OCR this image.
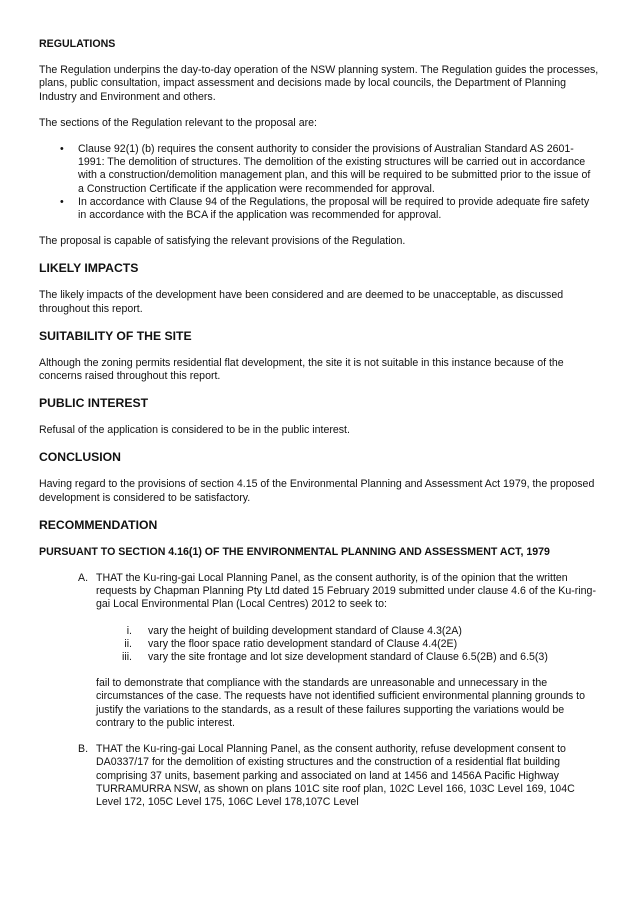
REGULATIONS

The Regulation underpins the day-to-day operation of the NSW planning system. The Regulation guides the processes, plans, public consultation, impact assessment and decisions made by local councils, the Department of Planning Industry and Environment and others.

The sections of the Regulation relevant to the proposal are:

• Clause 92(1) (b) requires the consent authority to consider the provisions of Australian Standard AS 2601-1991: The demolition of structures. The demolition of the existing structures will be carried out in accordance with a construction/demolition management plan, and this will be required to be submitted prior to the issue of a Construction Certificate if the application were recommended for approval.
• In accordance with Clause 94 of the Regulations, the proposal will be required to provide adequate fire safety in accordance with the BCA if the application was recommended for approval.

The proposal is capable of satisfying the relevant provisions of the Regulation.

LIKELY IMPACTS

The likely impacts of the development have been considered and are deemed to be unacceptable, as discussed throughout this report.

SUITABILITY OF THE SITE

Although the zoning permits residential flat development, the site it is not suitable in this instance because of the concerns raised throughout this report.

PUBLIC INTEREST

Refusal of the application is considered to be in the public interest.

CONCLUSION

Having regard to the provisions of section 4.15 of the Environmental Planning and Assessment Act 1979, the proposed development is considered to be satisfactory.

RECOMMENDATION
PURSUANT TO SECTION 4.16(1) OF THE ENVIRONMENTAL PLANNING AND ASSESSMENT ACT, 1979
A. THAT the Ku-ring-gai Local Planning Panel, as the consent authority, is of the opinion that the written requests by Chapman Planning Pty Ltd dated 15 February 2019 submitted under clause 4.6 of the Ku-ring-gai Local Environmental Plan (Local Centres) 2012 to seek to:

i. vary the height of building development standard of Clause 4.3(2A)
ii. vary the floor space ratio development standard of Clause 4.4(2E)
iii. vary the site frontage and lot size development standard of Clause 6.5(2B) and 6.5(3)

fail to demonstrate that compliance with the standards are unreasonable and unnecessary in the circumstances of the case. The requests have not identified sufficient environmental planning grounds to justify the variations to the standards, as a result of these failures supporting the variations would be contrary to the public interest.

B. THAT the Ku-ring-gai Local Planning Panel, as the consent authority, refuse development consent to DA0337/17 for the demolition of existing structures and the construction of a residential flat building comprising 37 units, basement parking and associated on land at 1456 and 1456A Pacific Highway TURRAMURRA NSW, as shown on plans 101C site roof plan, 102C Level 166, 103C Level 169, 104C Level 172, 105C Level 175, 106C Level 178,107C Level
